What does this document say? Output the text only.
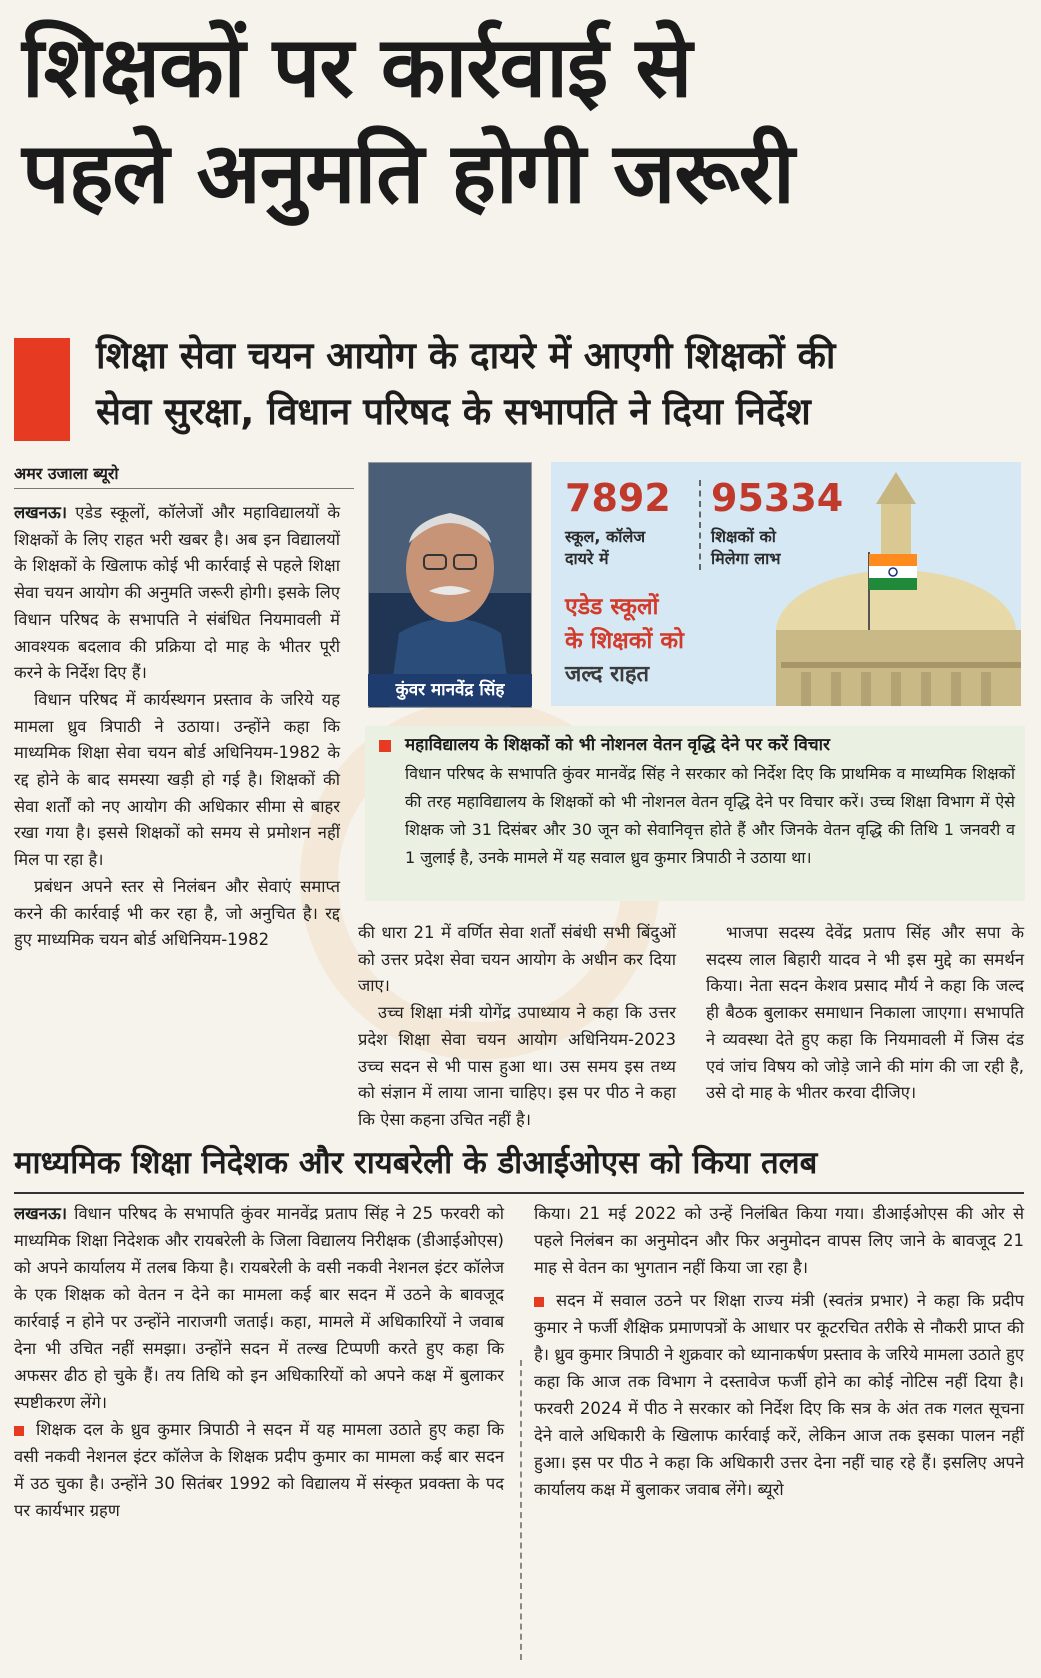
शिक्षकों पर कार्रवाई से
पहले अनुमति होगी जरूरी
शिक्षा सेवा चयन आयोग के दायरे में आएगी शिक्षकों की
सेवा सुरक्षा, विधान परिषद के सभापति ने दिया निर्देश
अमर उजाला ब्यूरो

लखनऊ। एडेड स्कूलों, कॉलेजों और महाविद्यालयों के शिक्षकों के लिए राहत भरी खबर है। अब इन विद्यालयों के शिक्षकों के खिलाफ कोई भी कार्रवाई से पहले शिक्षा सेवा चयन आयोग की अनुमति जरूरी होगी। इसके लिए विधान परिषद के सभापति ने संबंधित नियमावली में आवश्यक बदलाव की प्रक्रिया दो माह के भीतर पूरी करने के निर्देश दिए हैं।

विधान परिषद में कार्यस्थगन प्रस्ताव के जरिये यह मामला ध्रुव त्रिपाठी ने उठाया। उन्होंने कहा कि माध्यमिक शिक्षा सेवा चयन बोर्ड अधिनियम-1982 के रद्द होने के बाद समस्या खड़ी हो गई है। शिक्षकों की सेवा शर्तों को नए आयोग की अधिकार सीमा से बाहर रखा गया है। इससे शिक्षकों को समय से प्रमोशन नहीं मिल पा रहा है।

प्रबंधन अपने स्तर से निलंबन और सेवाएं समाप्त करने की कार्रवाई भी कर रहा है, जो अनुचित है। रद्द हुए माध्यमिक चयन बोर्ड अधिनियम-1982

कुंवर मानवेंद्र सिंह
7892
स्कूल, कॉलेज
दायरे में
95334
शिक्षकों को
मिलेगा लाभ
एडेड स्कूलों
के शिक्षकों को
जल्द राहत
महाविद्यालय के शिक्षकों को भी नोशनल वेतन वृद्धि देने पर करें विचार
विधान परिषद के सभापति कुंवर मानवेंद्र सिंह ने सरकार को निर्देश दिए कि प्राथमिक व माध्यमिक शिक्षकों की तरह महाविद्यालय के शिक्षकों को भी नोशनल वेतन वृद्धि देने पर विचार करें। उच्च शिक्षा विभाग में ऐसे शिक्षक जो 31 दिसंबर और 30 जून को सेवानिवृत्त होते हैं और जिनके वेतन वृद्धि की तिथि 1 जनवरी व 1 जुलाई है, उनके मामले में यह सवाल ध्रुव कुमार त्रिपाठी ने उठाया था।

की धारा 21 में वर्णित सेवा शर्तों संबंधी सभी बिंदुओं को उत्तर प्रदेश सेवा चयन आयोग के अधीन कर दिया जाए।

उच्च शिक्षा मंत्री योगेंद्र उपाध्याय ने कहा कि उत्तर प्रदेश शिक्षा सेवा चयन आयोग अधिनियम-2023 उच्च सदन से भी पास हुआ था। उस समय इस तथ्य को संज्ञान में लाया जाना चाहिए। इस पर पीठ ने कहा कि ऐसा कहना उचित नहीं है।

भाजपा सदस्य देवेंद्र प्रताप सिंह और सपा के सदस्य लाल बिहारी यादव ने भी इस मुद्दे का समर्थन किया। नेता सदन केशव प्रसाद मौर्य ने कहा कि जल्द ही बैठक बुलाकर समाधान निकाला जाएगा। सभापति ने व्यवस्था देते हुए कहा कि नियमावली में जिस दंड एवं जांच विषय को जोड़े जाने की मांग की जा रही है, उसे दो माह के भीतर करवा दीजिए।

माध्यमिक शिक्षा निदेशक और रायबरेली के डीआईओएस को किया तलब

लखनऊ। विधान परिषद के सभापति कुंवर मानवेंद्र प्रताप सिंह ने 25 फरवरी को माध्यमिक शिक्षा निदेशक और रायबरेली के जिला विद्यालय निरीक्षक (डीआईओएस) को अपने कार्यालय में तलब किया है। रायबरेली के वसी नकवी नेशनल इंटर कॉलेज के एक शिक्षक को वेतन न देने का मामला कई बार सदन में उठने के बावजूद कार्रवाई न होने पर उन्होंने नाराजगी जताई। कहा, मामले में अधिकारियों ने जवाब देना भी उचित नहीं समझा। उन्होंने सदन में तल्ख टिप्पणी करते हुए कहा कि अफसर ढीठ हो चुके हैं। तय तिथि को इन अधिकारियों को अपने कक्ष में बुलाकर स्पष्टीकरण लेंगे।

शिक्षक दल के ध्रुव कुमार त्रिपाठी ने सदन में यह मामला उठाते हुए कहा कि वसी नकवी नेशनल इंटर कॉलेज के शिक्षक प्रदीप कुमार का मामला कई बार सदन में उठ चुका है। उन्होंने 30 सितंबर 1992 को विद्यालय में संस्कृत प्रवक्ता के पद पर कार्यभार ग्रहण

किया। 21 मई 2022 को उन्हें निलंबित किया गया। डीआईओएस की ओर से पहले निलंबन का अनुमोदन और फिर अनुमोदन वापस लिए जाने के बावजूद 21 माह से वेतन का भुगतान नहीं किया जा रहा है।

सदन में सवाल उठने पर शिक्षा राज्य मंत्री (स्वतंत्र प्रभार) ने कहा कि प्रदीप कुमार ने फर्जी शैक्षिक प्रमाणपत्रों के आधार पर कूटरचित तरीके से नौकरी प्राप्त की है। ध्रुव कुमार त्रिपाठी ने शुक्रवार को ध्यानाकर्षण प्रस्ताव के जरिये मामला उठाते हुए कहा कि आज तक विभाग ने दस्तावेज फर्जी होने का कोई नोटिस नहीं दिया है। फरवरी 2024 में पीठ ने सरकार को निर्देश दिए कि सत्र के अंत तक गलत सूचना देने वाले अधिकारी के खिलाफ कार्रवाई करें, लेकिन आज तक इसका पालन नहीं हुआ। इस पर पीठ ने कहा कि अधिकारी उत्तर देना नहीं चाह रहे हैं। इसलिए अपने कार्यालय कक्ष में बुलाकर जवाब लेंगे। ब्यूरो
